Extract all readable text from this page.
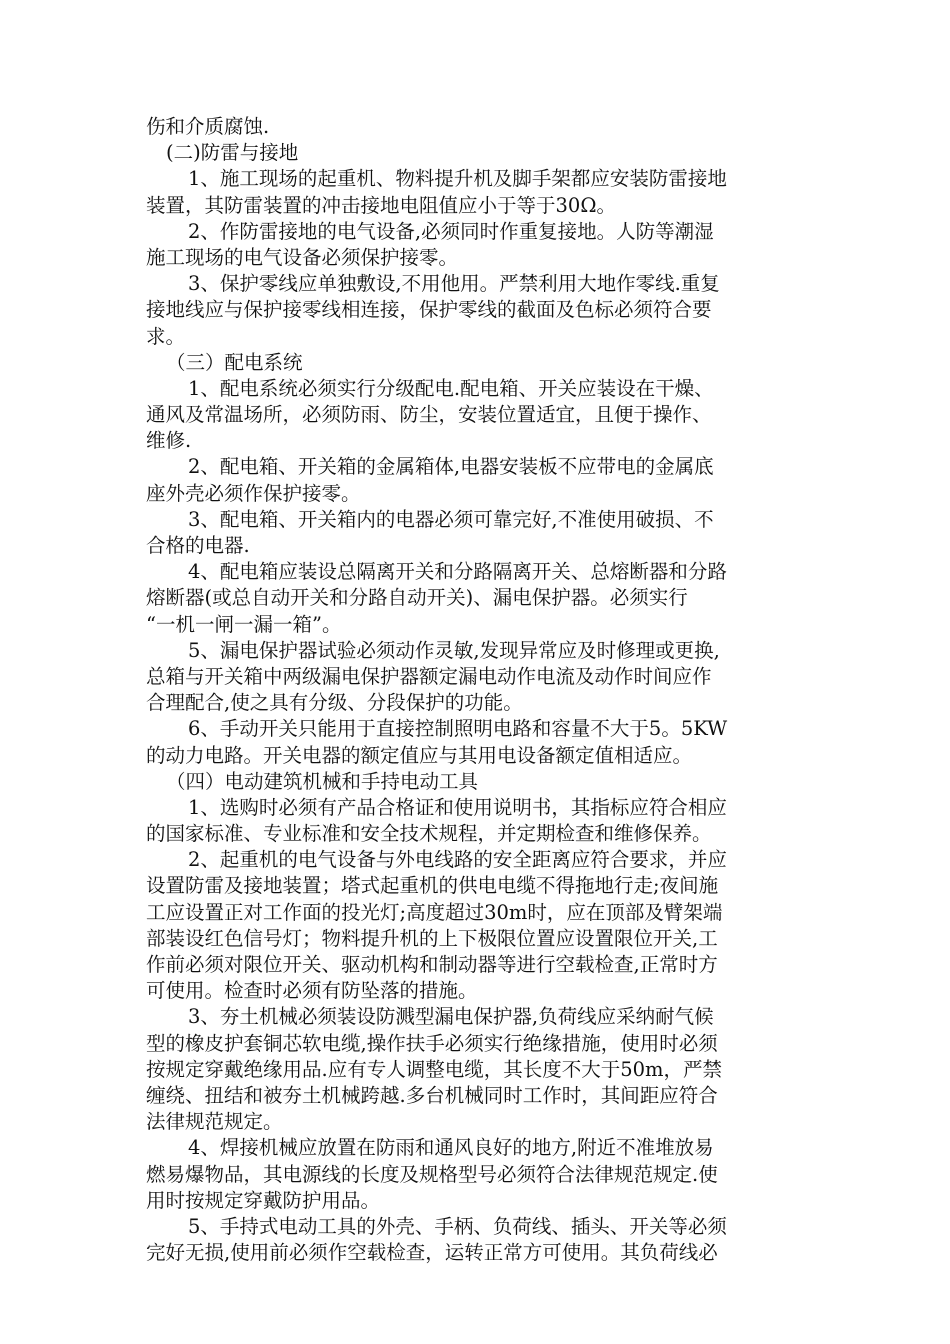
伤和介质腐蚀.
(二)防雷与接地
1、施工现场的起重机、物料提升机及脚手架都应安装防雷接地
装置，其防雷装置的冲击接地电阻值应小于等于30Ω。
2、作防雷接地的电气设备,必须同时作重复接地。人防等潮湿
施工现场的电气设备必须保护接零。
3、保护零线应单独敷设,不用他用。严禁利用大地作零线.重复
接地线应与保护接零线相连接，保护零线的截面及色标必须符合要
求。
（三）配电系统
1、配电系统必须实行分级配电.配电箱、开关应装设在干燥、
通风及常温场所，必须防雨、防尘，安装位置适宜，且便于操作、
维修.
2、配电箱、开关箱的金属箱体,电器安装板不应带电的金属底
座外壳必须作保护接零。
3、配电箱、开关箱内的电器必须可靠完好,不准使用破损、不
合格的电器.
4、配电箱应装设总隔离开关和分路隔离开关、总熔断器和分路
熔断器(或总自动开关和分路自动开关)、漏电保护器。必须实行
“一机一闸一漏一箱”。
5、漏电保护器试验必须动作灵敏,发现异常应及时修理或更换,
总箱与开关箱中两级漏电保护器额定漏电动作电流及动作时间应作
合理配合,使之具有分级、分段保护的功能。
6、手动开关只能用于直接控制照明电路和容量不大于5。5KW
的动力电路。开关电器的额定值应与其用电设备额定值相适应。
（四）电动建筑机械和手持电动工具
1、选购时必须有产品合格证和使用说明书，其指标应符合相应
的国家标准、专业标准和安全技术规程，并定期检查和维修保养。
2、起重机的电气设备与外电线路的安全距离应符合要求，并应
设置防雷及接地装置；塔式起重机的供电电缆不得拖地行走;夜间施
工应设置正对工作面的投光灯;高度超过30m时，应在顶部及臂架端
部装设红色信号灯；物料提升机的上下极限位置应设置限位开关,工
作前必须对限位开关、驱动机构和制动器等进行空载检查,正常时方
可使用。检查时必须有防坠落的措施。
3、夯土机械必须装设防溅型漏电保护器,负荷线应采纳耐气候
型的橡皮护套铜芯软电缆,操作扶手必须实行绝缘措施，使用时必须
按规定穿戴绝缘用品.应有专人调整电缆，其长度不大于50m，严禁
缠绕、扭结和被夯土机械跨越.多台机械同时工作时，其间距应符合
法律规范规定。
4、焊接机械应放置在防雨和通风良好的地方,附近不准堆放易
燃易爆物品，其电源线的长度及规格型号必须符合法律规范规定.使
用时按规定穿戴防护用品。
5、手持式电动工具的外壳、手柄、负荷线、插头、开关等必须
完好无损,使用前必须作空载检查，运转正常方可使用。其负荷线必
